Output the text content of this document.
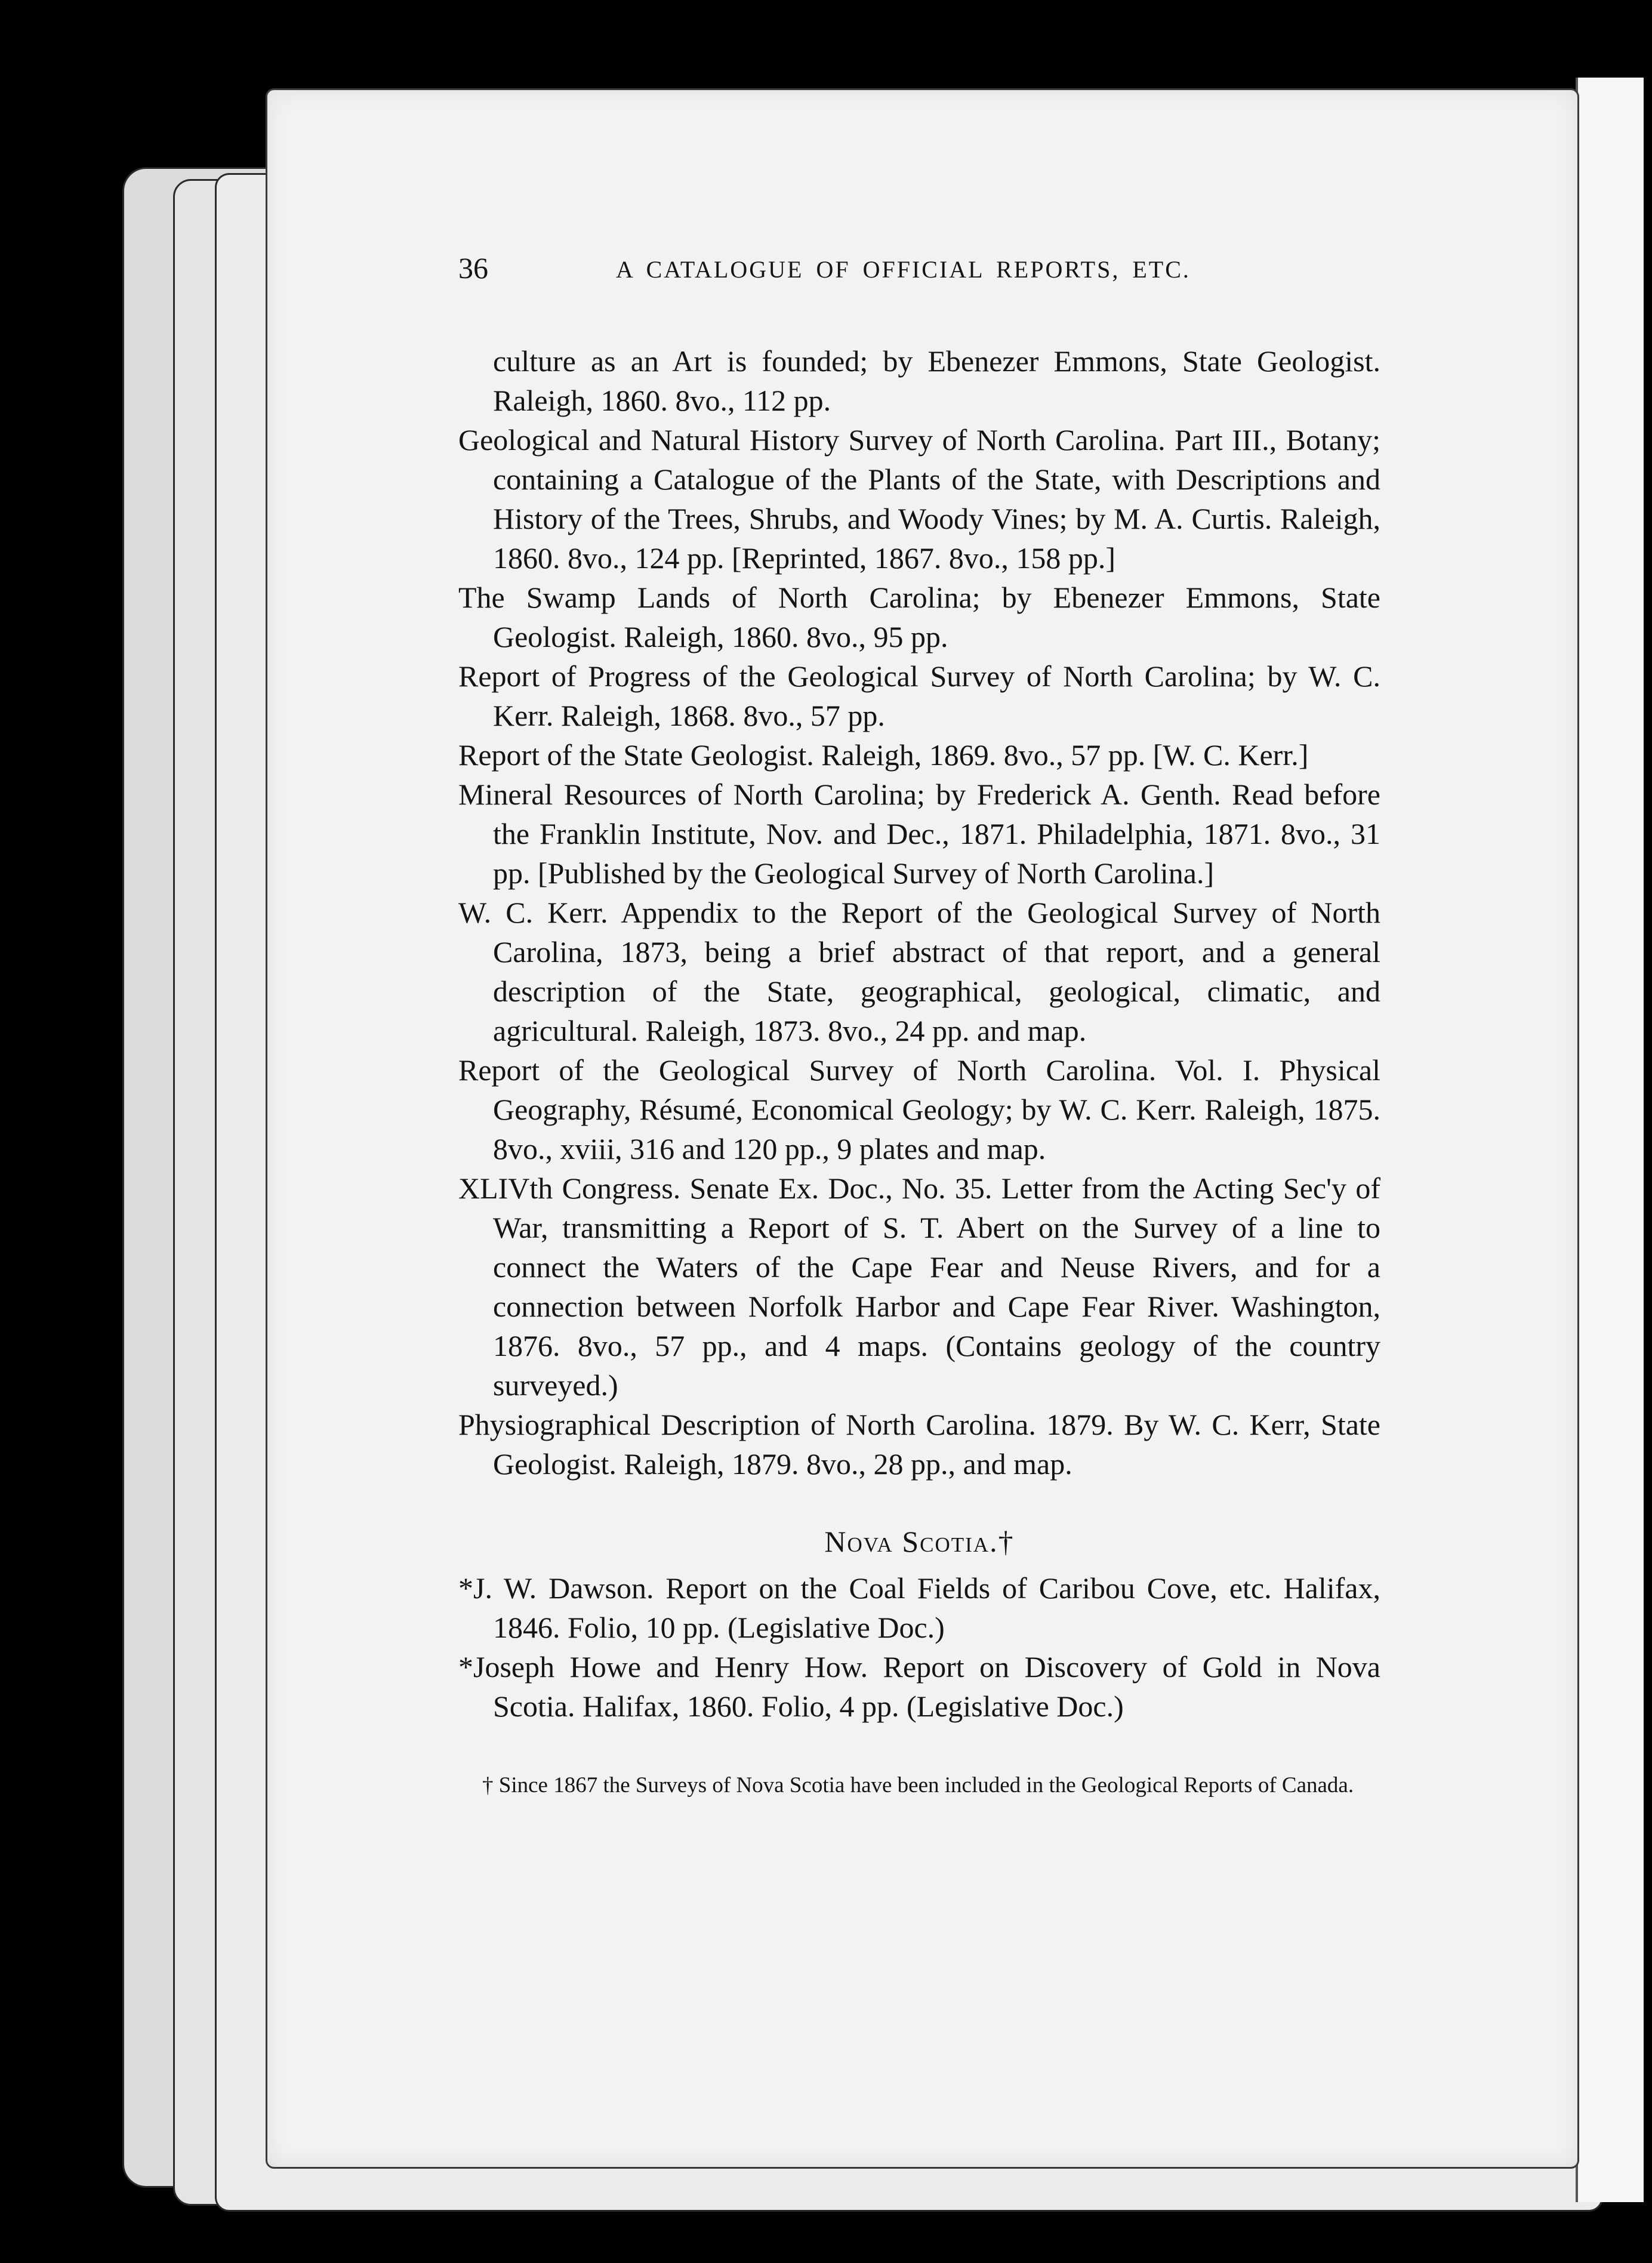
36	A CATALOGUE OF OFFICIAL REPORTS, ETC.
culture as an Art is founded; by Ebenezer Emmons, State Geologist. Raleigh, 1860. 8vo., 112 pp.
Geological and Natural History Survey of North Carolina. Part III., Botany; containing a Catalogue of the Plants of the State, with Descriptions and History of the Trees, Shrubs, and Woody Vines; by M. A. Curtis. Raleigh, 1860. 8vo., 124 pp. [Reprinted, 1867. 8vo., 158 pp.]
The Swamp Lands of North Carolina; by Ebenezer Emmons, State Geologist. Raleigh, 1860. 8vo., 95 pp.
Report of Progress of the Geological Survey of North Carolina; by W. C. Kerr. Raleigh, 1868. 8vo., 57 pp.
Report of the State Geologist. Raleigh, 1869. 8vo., 57 pp. [W. C. Kerr.]
Mineral Resources of North Carolina; by Frederick A. Genth. Read before the Franklin Institute, Nov. and Dec., 1871. Philadelphia, 1871. 8vo., 31 pp. [Published by the Geological Survey of North Carolina.]
W. C. Kerr. Appendix to the Report of the Geological Survey of North Carolina, 1873, being a brief abstract of that report, and a general description of the State, geographical, geological, climatic, and agricultural. Raleigh, 1873. 8vo., 24 pp. and map.
Report of the Geological Survey of North Carolina. Vol. I. Physical Geography, Résumé, Economical Geology; by W. C. Kerr. Raleigh, 1875. 8vo., xviii, 316 and 120 pp., 9 plates and map.
XLIVth Congress. Senate Ex. Doc., No. 35. Letter from the Acting Sec'y of War, transmitting a Report of S. T. Abert on the Survey of a line to connect the Waters of the Cape Fear and Neuse Rivers, and for a connection between Norfolk Harbor and Cape Fear River. Washington, 1876. 8vo., 57 pp., and 4 maps. (Contains geology of the country surveyed.)
Physiographical Description of North Carolina. 1879. By W. C. Kerr, State Geologist. Raleigh, 1879. 8vo., 28 pp., and map.
Nova Scotia.†
*J. W. Dawson. Report on the Coal Fields of Caribou Cove, etc. Halifax, 1846. Folio, 10 pp. (Legislative Doc.)
*Joseph Howe and Henry How. Report on Discovery of Gold in Nova Scotia. Halifax, 1860. Folio, 4 pp. (Legislative Doc.)
† Since 1867 the Surveys of Nova Scotia have been included in the Geological Reports of Canada.
